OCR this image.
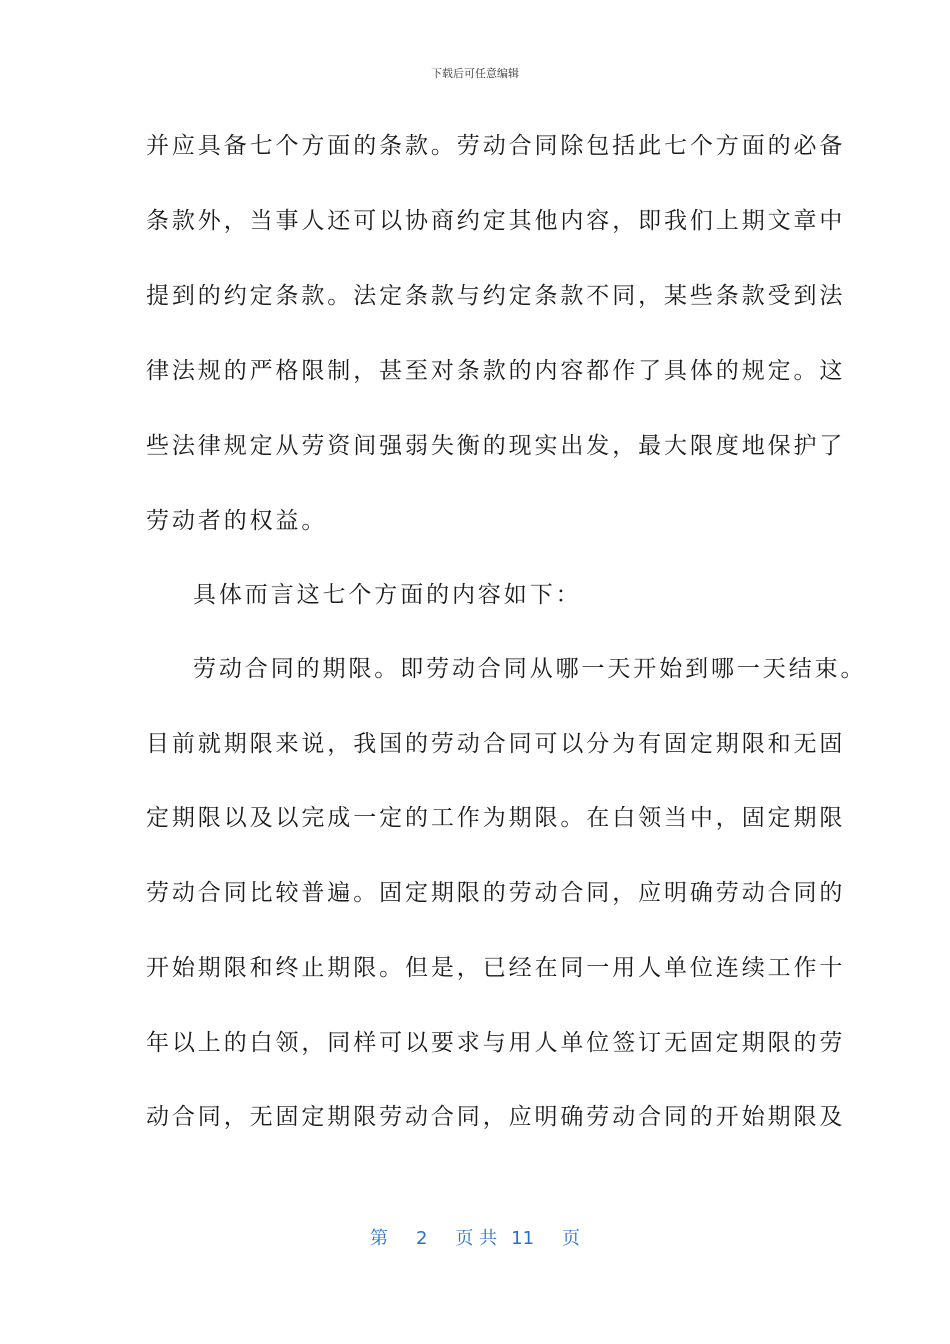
下载后可任意编辑
并应具备七个方面的条款。劳动合同除包括此七个方面的必备
条款外，当事人还可以协商约定其他内容，即我们上期文章中
提到的约定条款。法定条款与约定条款不同，某些条款受到法
律法规的严格限制，甚至对条款的内容都作了具体的规定。这
些法律规定从劳资间强弱失衡的现实出发，最大限度地保护了
劳动者的权益。
具体而言这七个方面的内容如下：
劳动合同的期限。即劳动合同从哪一天开始到哪一天结束。
目前就期限来说，我国的劳动合同可以分为有固定期限和无固
定期限以及以完成一定的工作为期限。在白领当中，固定期限
劳动合同比较普遍。固定期限的劳动合同，应明确劳动合同的
开始期限和终止期限。但是，已经在同一用人单位连续工作十
年以上的白领，同样可以要求与用人单位签订无固定期限的劳
动合同，无固定期限劳动合同，应明确劳动合同的开始期限及
第 2 页 共 11 页
